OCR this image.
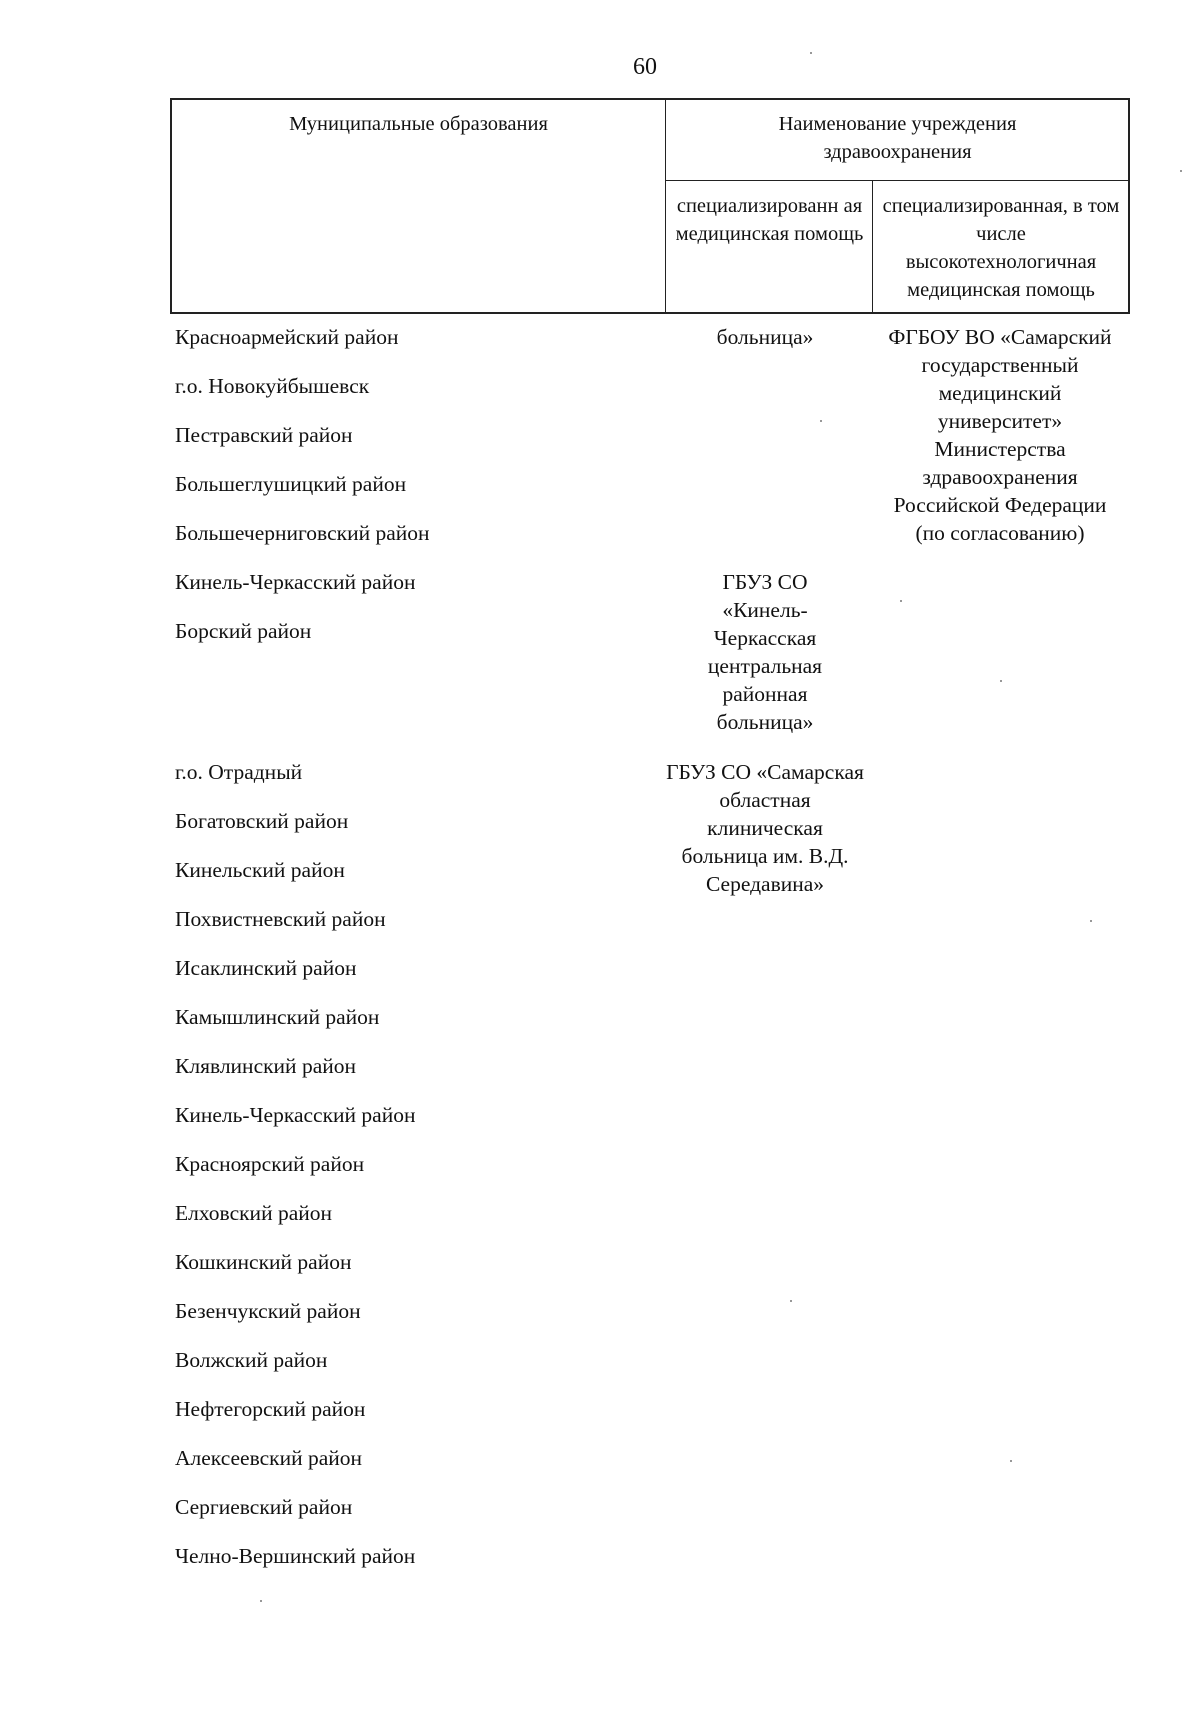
60
Муниципальные образования	Наименование учреждения здравоохранения
специализированн ая медицинская помощь
специализированная, в том числе высокотехнологичная медицинская помощь
Красноармейский район
г.о. Новокуйбышевск
Пестравский район
Большеглушицкий район
Большечерниговский район
Кинель-Черкасский район
Борский район
г.о. Отрадный
Богатовский район
Кинельский район
Похвистневский район
Исаклинский район
Камышлинский район
Клявлинский район
Кинель-Черкасский район
Красноярский район
Елховский район
Кошкинский район
Безенчукский район
Волжский район
Нефтегорский район
Алексеевский район
Сергиевский район
Челно-Вершинский район
больница»
ГБУЗ СО «Кинель-Черкасская центральная районная больница»
ГБУЗ СО «Самарская областная клиническая больница им. В.Д. Середавина»
ФГБОУ ВО «Самарский государственный медицинский университет» Министерства здравоохранения Российской Федерации (по согласованию)
